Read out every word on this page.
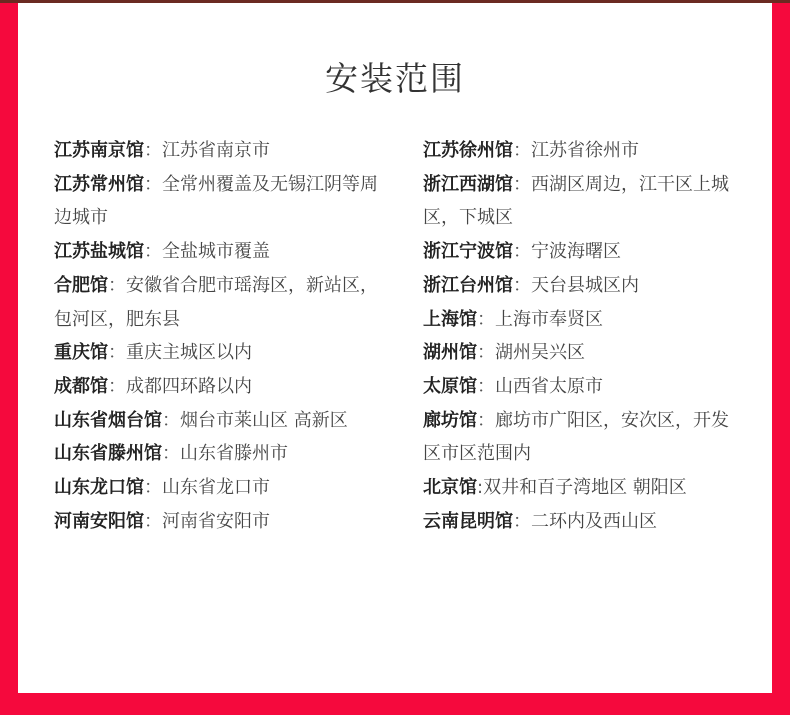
安装范围
江苏南京馆：江苏省南京市
江苏常州馆：全常州覆盖及无锡江阴等周边城市
江苏盐城馆：全盐城市覆盖
合肥馆：安徽省合肥市瑶海区，新站区，包河区，肥东县
重庆馆：重庆主城区以内
成都馆：成都四环路以内
山东省烟台馆：烟台市莱山区 高新区
山东省滕州馆：山东省滕州市
山东龙口馆：山东省龙口市
河南安阳馆：河南省安阳市
江苏徐州馆：江苏省徐州市
浙江西湖馆：西湖区周边，江干区上城 区，下城区
浙江宁波馆：宁波海曙区
浙江台州馆：天台县城区内
上海馆：上海市奉贤区
湖州馆：湖州吴兴区
太原馆：山西省太原市
廊坊馆：廊坊市广阳区，安次区，开发区市区范围内
北京馆:双井和百子湾地区 朝阳区
云南昆明馆：二环内及西山区
